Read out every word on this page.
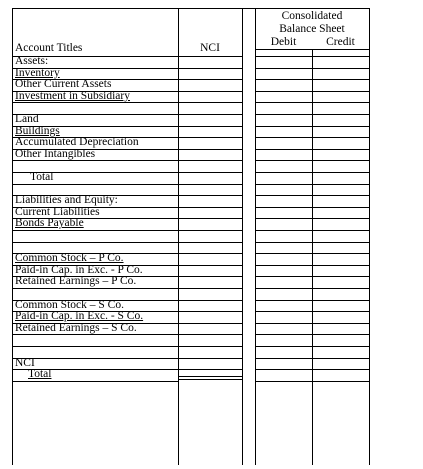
Consolidated
Balance Sheet
Account Titles	NCI	Debit	Credit
Assets:
Inventory
Other Current Assets
Investment in Subsidiary
Land
Buildings
Accumulated Depreciation
Other Intangibles
Total
Liabilities and Equity:
Current Liabilities
Bonds Payable
Common Stock – P Co.
Paid-in Cap. in Exc. - P Co.
Retained Earnings – P Co.
Common Stock – S Co.
Paid-in Cap. in Exc. - S Co.
Retained Earnings – S Co.
NCI
Total
